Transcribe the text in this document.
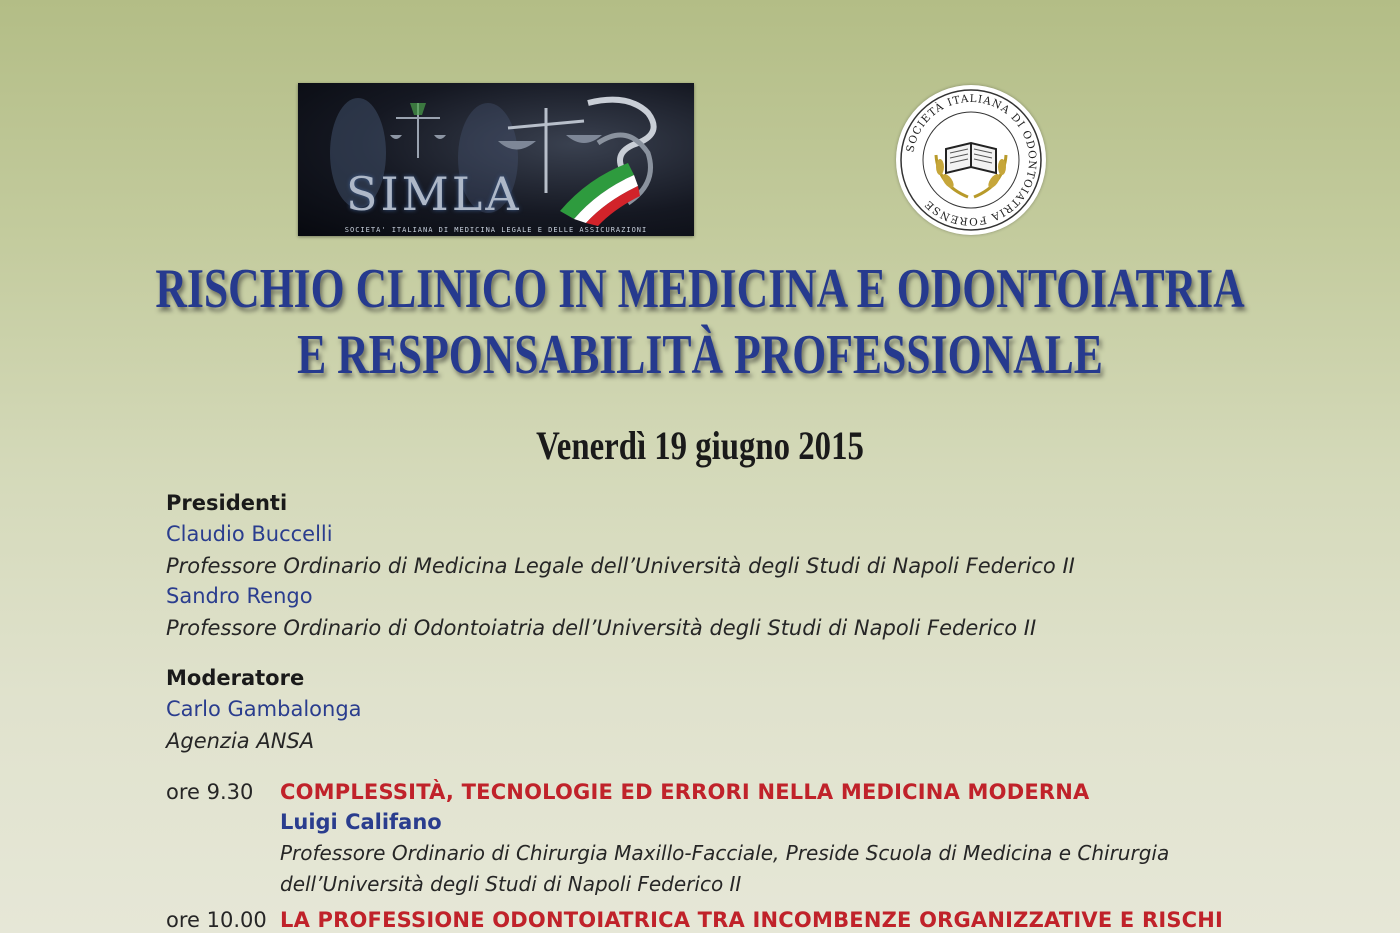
SIMLA
SOCIETA' ITALIANA DI MEDICINA LEGALE E DELLE ASSICURAZIONI
SOCIETÀ ITALIANA DI ODONTOIATRIA FORENSE
RISCHIO CLINICO IN MEDICINA E ODONTOIATRIA
E RESPONSABILITÀ PROFESSIONALE
Venerdì 19 giugno 2015
Presidenti
Claudio Buccelli
Professore Ordinario di Medicina Legale dell’Università degli Studi di Napoli Federico II
Sandro Rengo
Professore Ordinario di Odontoiatria dell’Università degli Studi di Napoli Federico II
Moderatore
Carlo Gambalonga
Agenzia ANSA
ore 9.30 COMPLESSITÀ, TECNOLOGIE ED ERRORI NELLA MEDICINA MODERNA
Luigi Califano
Professore Ordinario di Chirurgia Maxillo-Facciale, Preside Scuola di Medicina e Chirurgia
dell’Università degli Studi di Napoli Federico II
ore 10.00 LA PROFESSIONE ODONTOIATRICA TRA INCOMBENZE ORGANIZZATIVE E RISCHI
